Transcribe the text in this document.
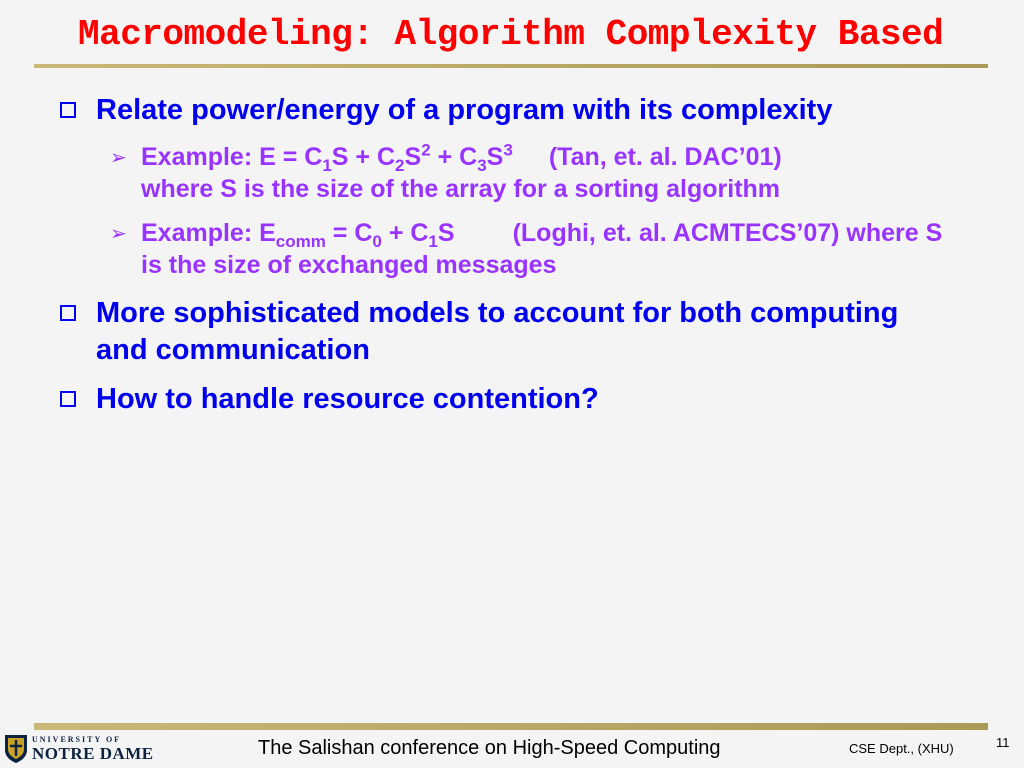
Macromodeling: Algorithm Complexity Based
Relate power/energy of a program with its complexity
➢ Example: $E = C_1S + C_2S^2 + C_3S^3$ (Tan, et. al. DAC’01)
where S is the size of the array for a sorting algorithm
➢ Example: $E_{comm} = C_0 + C_1S$ (Loghi, et. al. ACMTECS’07) where S is the size of exchanged messages
More sophisticated models to account for both computing and communication
How to handle resource contention?
UNIVERSITY OF
NOTRE DAME	The Salishan conference on High-Speed Computing	CSE Dept., (XHU)	11
